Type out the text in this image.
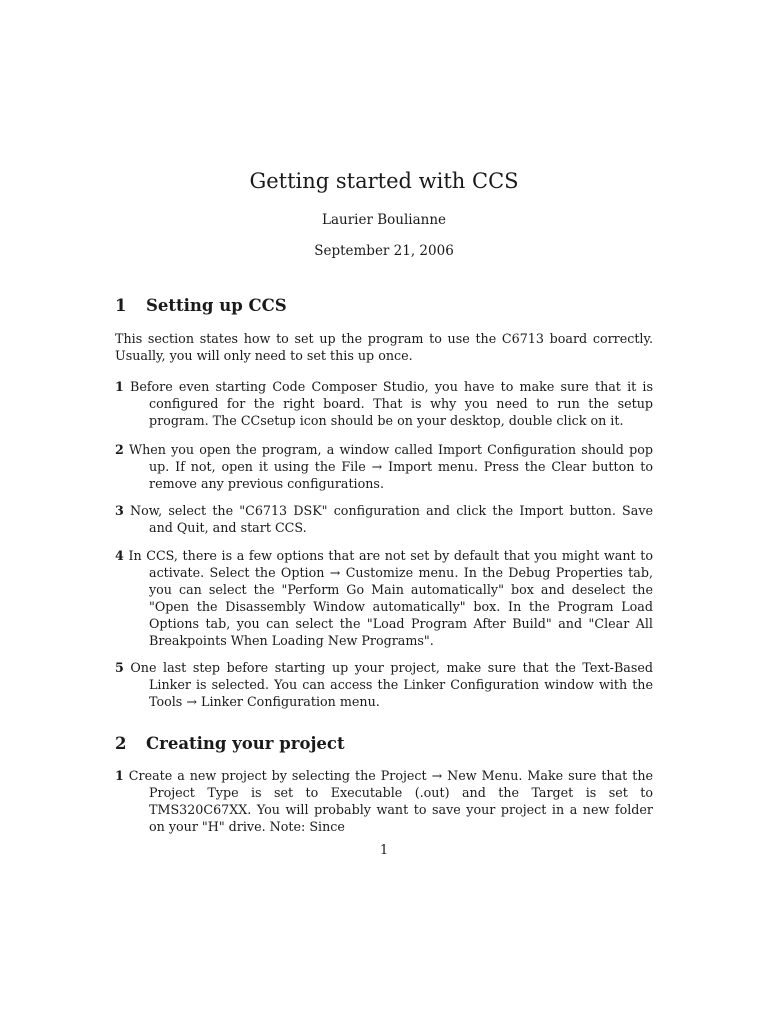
Getting started with CCS
Laurier Boulianne
September 21, 2006
1 Setting up CCS
This section states how to set up the program to use the C6713 board correctly. Usually, you will only need to set this up once.
1 Before even starting Code Composer Studio, you have to make sure that it is configured for the right board. That is why you need to run the setup program. The CCsetup icon should be on your desktop, double click on it.
2 When you open the program, a window called Import Configuration should pop up. If not, open it using the File → Import menu. Press the Clear button to remove any previous configurations.
3 Now, select the "C6713 DSK" configuration and click the Import button. Save and Quit, and start CCS.
4 In CCS, there is a few options that are not set by default that you might want to activate. Select the Option → Customize menu. In the Debug Properties tab, you can select the "Perform Go Main automatically" box and deselect the "Open the Disassembly Window automatically" box. In the Program Load Options tab, you can select the "Load Program After Build" and "Clear All Breakpoints When Loading New Programs".
5 One last step before starting up your project, make sure that the Text-Based Linker is selected. You can access the Linker Configuration window with the Tools → Linker Configuration menu.
2 Creating your project
1 Create a new project by selecting the Project → New Menu. Make sure that the Project Type is set to Executable (.out) and the Target is set to TMS320C67XX. You will probably want to save your project in a new folder on your "H" drive. Note: Since
1
